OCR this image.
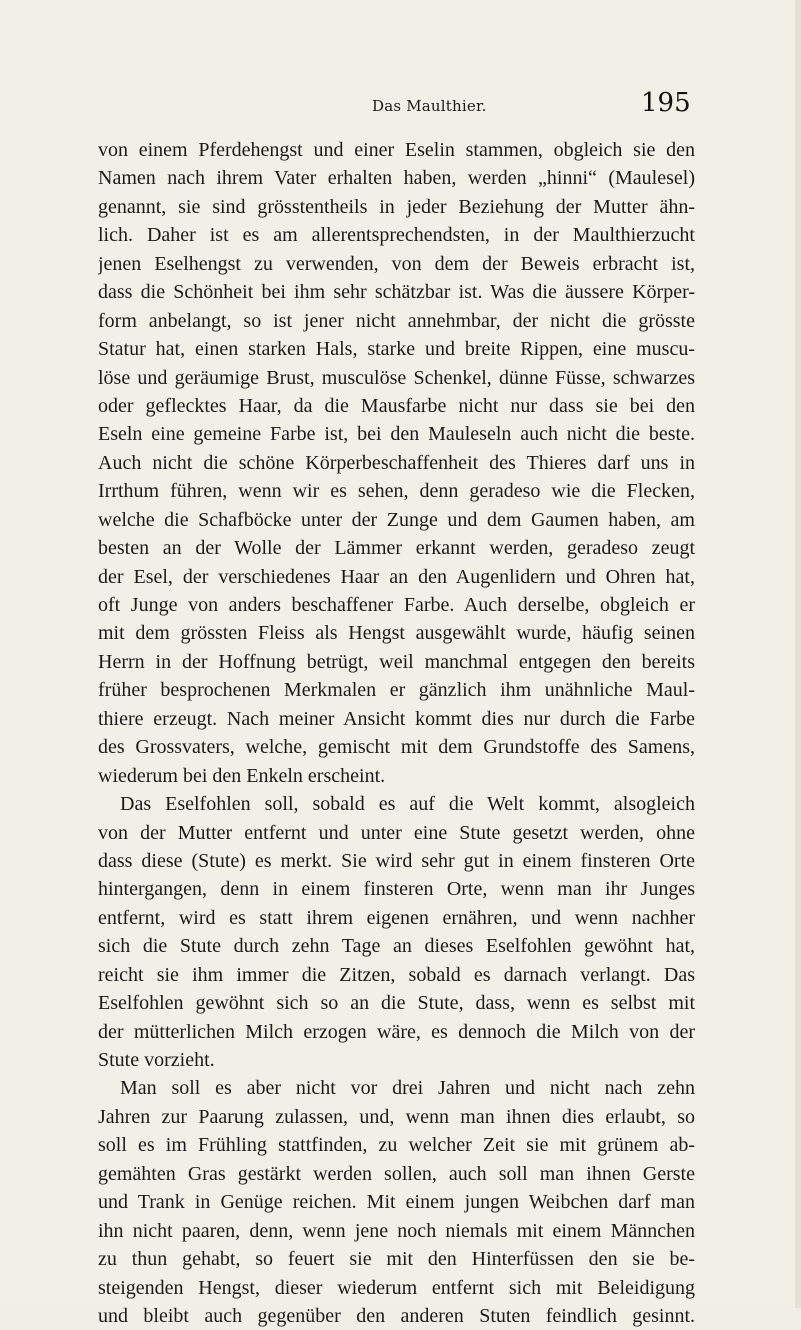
Das Maulthier.	195
von einem Pferdehengst und einer Eselin stammen, obgleich sie den
Namen nach ihrem Vater erhalten haben, werden „hinni“ (Maulesel)
genannt, sie sind grösstentheils in jeder Beziehung der Mutter ähn-
lich. Daher ist es am allerentsprechendsten, in der Maulthierzucht
jenen Eselhengst zu verwenden, von dem der Beweis erbracht ist,
dass die Schönheit bei ihm sehr schätzbar ist. Was die äussere Körper-
form anbelangt, so ist jener nicht annehmbar, der nicht die grösste
Statur hat, einen starken Hals, starke und breite Rippen, eine muscu-
löse und geräumige Brust, musculöse Schenkel, dünne Füsse, schwarzes
oder geflecktes Haar, da die Mausfarbe nicht nur dass sie bei den
Eseln eine gemeine Farbe ist, bei den Mauleseln auch nicht die beste.
Auch nicht die schöne Körperbeschaffenheit des Thieres darf uns in
Irrthum führen, wenn wir es sehen, denn geradeso wie die Flecken,
welche die Schafböcke unter der Zunge und dem Gaumen haben, am
besten an der Wolle der Lämmer erkannt werden, geradeso zeugt
der Esel, der verschiedenes Haar an den Augenlidern und Ohren hat,
oft Junge von anders beschaffener Farbe. Auch derselbe, obgleich er
mit dem grössten Fleiss als Hengst ausgewählt wurde, häufig seinen
Herrn in der Hoffnung betrügt, weil manchmal entgegen den bereits
früher besprochenen Merkmalen er gänzlich ihm unähnliche Maul-
thiere erzeugt. Nach meiner Ansicht kommt dies nur durch die Farbe
des Grossvaters, welche, gemischt mit dem Grundstoffe des Samens,
wiederum bei den Enkeln erscheint.
Das Eselfohlen soll, sobald es auf die Welt kommt, alsogleich
von der Mutter entfernt und unter eine Stute gesetzt werden, ohne
dass diese (Stute) es merkt. Sie wird sehr gut in einem finsteren Orte
hintergangen, denn in einem finsteren Orte, wenn man ihr Junges
entfernt, wird es statt ihrem eigenen ernähren, und wenn nachher
sich die Stute durch zehn Tage an dieses Eselfohlen gewöhnt hat,
reicht sie ihm immer die Zitzen, sobald es darnach verlangt. Das
Eselfohlen gewöhnt sich so an die Stute, dass, wenn es selbst mit
der mütterlichen Milch erzogen wäre, es dennoch die Milch von der
Stute vorzieht.
Man soll es aber nicht vor drei Jahren und nicht nach zehn
Jahren zur Paarung zulassen, und, wenn man ihnen dies erlaubt, so
soll es im Frühling stattfinden, zu welcher Zeit sie mit grünem ab-
gemähten Gras gestärkt werden sollen, auch soll man ihnen Gerste
und Trank in Genüge reichen. Mit einem jungen Weibchen darf man
ihn nicht paaren, denn, wenn jene noch niemals mit einem Männchen
zu thun gehabt, so feuert sie mit den Hinterfüssen den sie be-
steigenden Hengst, dieser wiederum entfernt sich mit Beleidigung
und bleibt auch gegenüber den anderen Stuten feindlich gesinnt.
